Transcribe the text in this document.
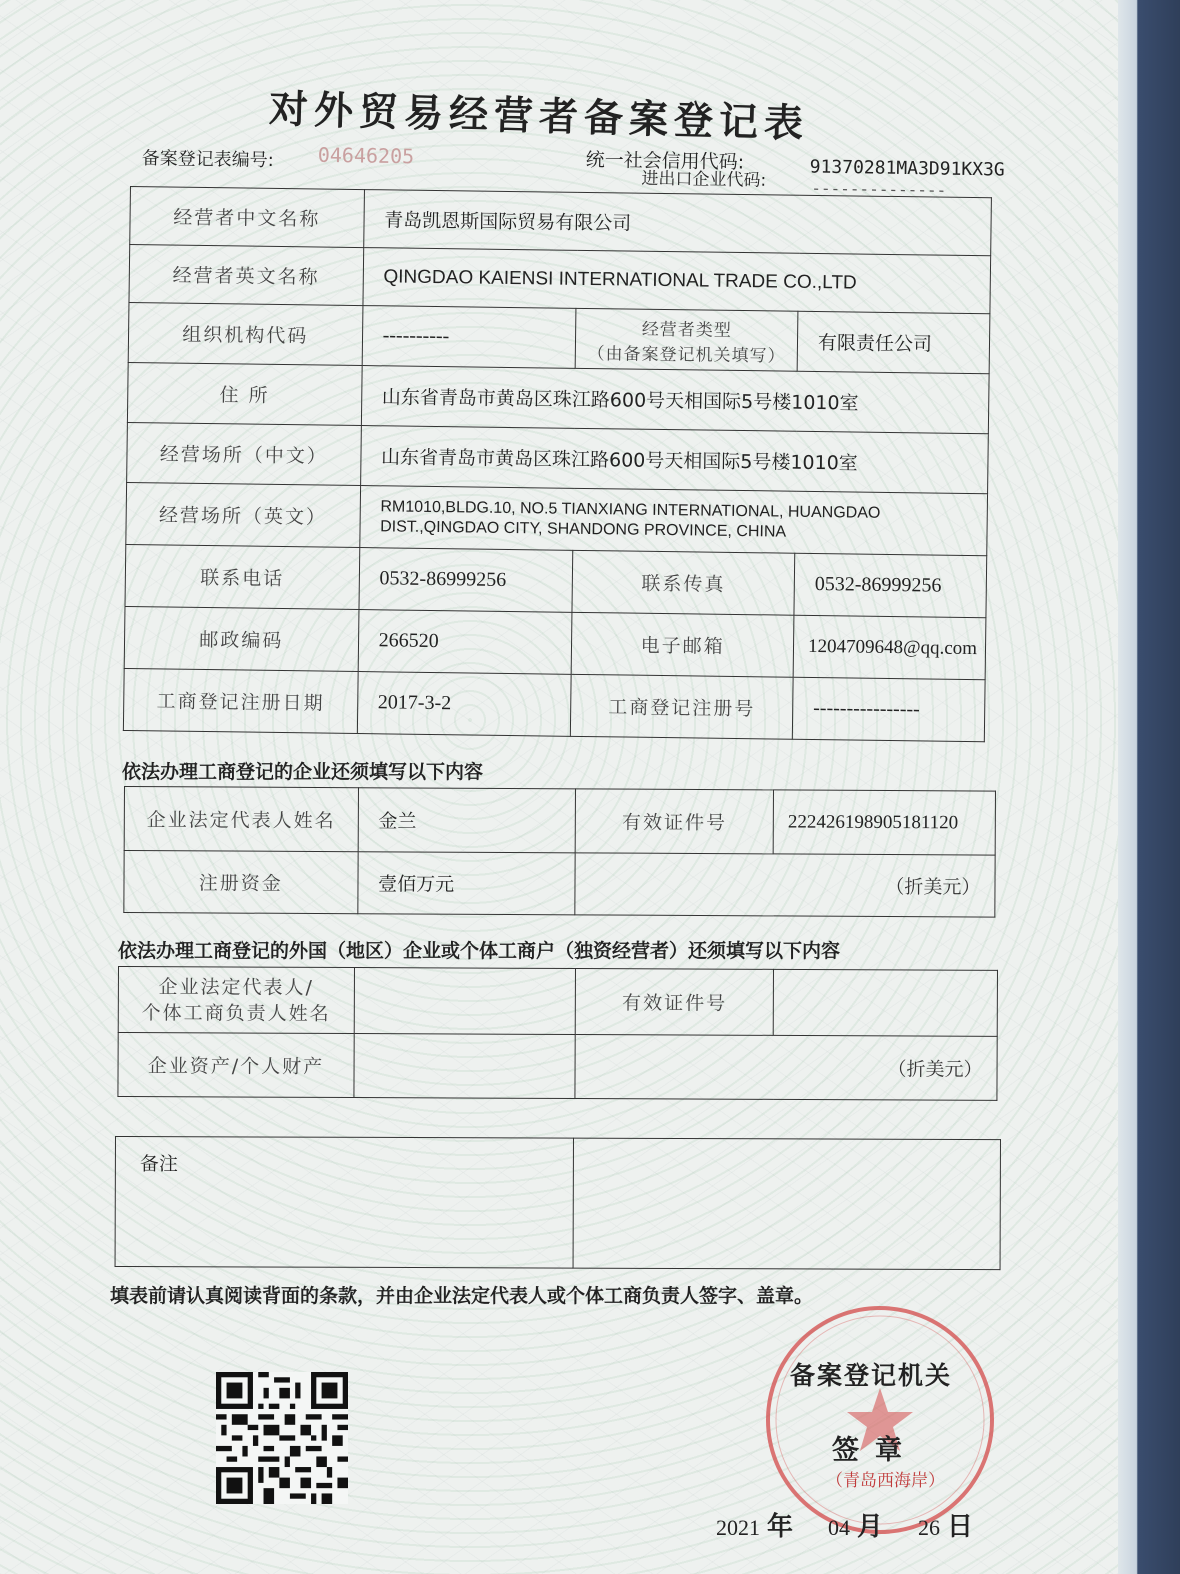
对外贸易经营者备案登记表
备案登记表编号: 04646205	统一社会信用代码:
进出口企业代码: 91370281MA3D91KX3G
--------------
经营者中文名称	青岛凯恩斯国际贸易有限公司		
经营者英文名称	QINGDAO KAIENSI INTERNATIONAL TRADE CO.,LTD		
组织机构代码	----------	经营者类型
（由备案登记机关填写）	有限责任公司
住 所	山东省青岛市黄岛区珠江路600号天相国际5号楼1010室		
经营场所（中文）	山东省青岛市黄岛区珠江路600号天相国际5号楼1010室		
经营场所（英文）	RM1010,BLDG.10, NO.5 TIANXIANG INTERNATIONAL, HUANGDAO
DIST.,QINGDAO CITY, SHANDONG PROVINCE, CHINA		

联系电话	0532-86999256	联系传真	0532-86999256
邮政编码	266520	电子邮箱	1204709648@qq.com
工商登记注册日期	2017-3-2	工商登记注册号	----------------
依法办理工商登记的企业还须填写以下内容
企业法定代表人姓名	金兰	有效证件号	222426198905181120
注册资金	壹佰万元	（折美元）	
依法办理工商登记的外国（地区）企业或个体工商户（独资经营者）还须填写以下内容
企业法定代表人/
个体工商负责人姓名		有效证件号	
企业资产/个人财产		（折美元）	
备注	
填表前请认真阅读背面的条款，并由企业法定代表人或个体工商负责人签字、盖章。
备案登记机关
签章
（青岛西海岸）
2021 年 04 月 26 日
